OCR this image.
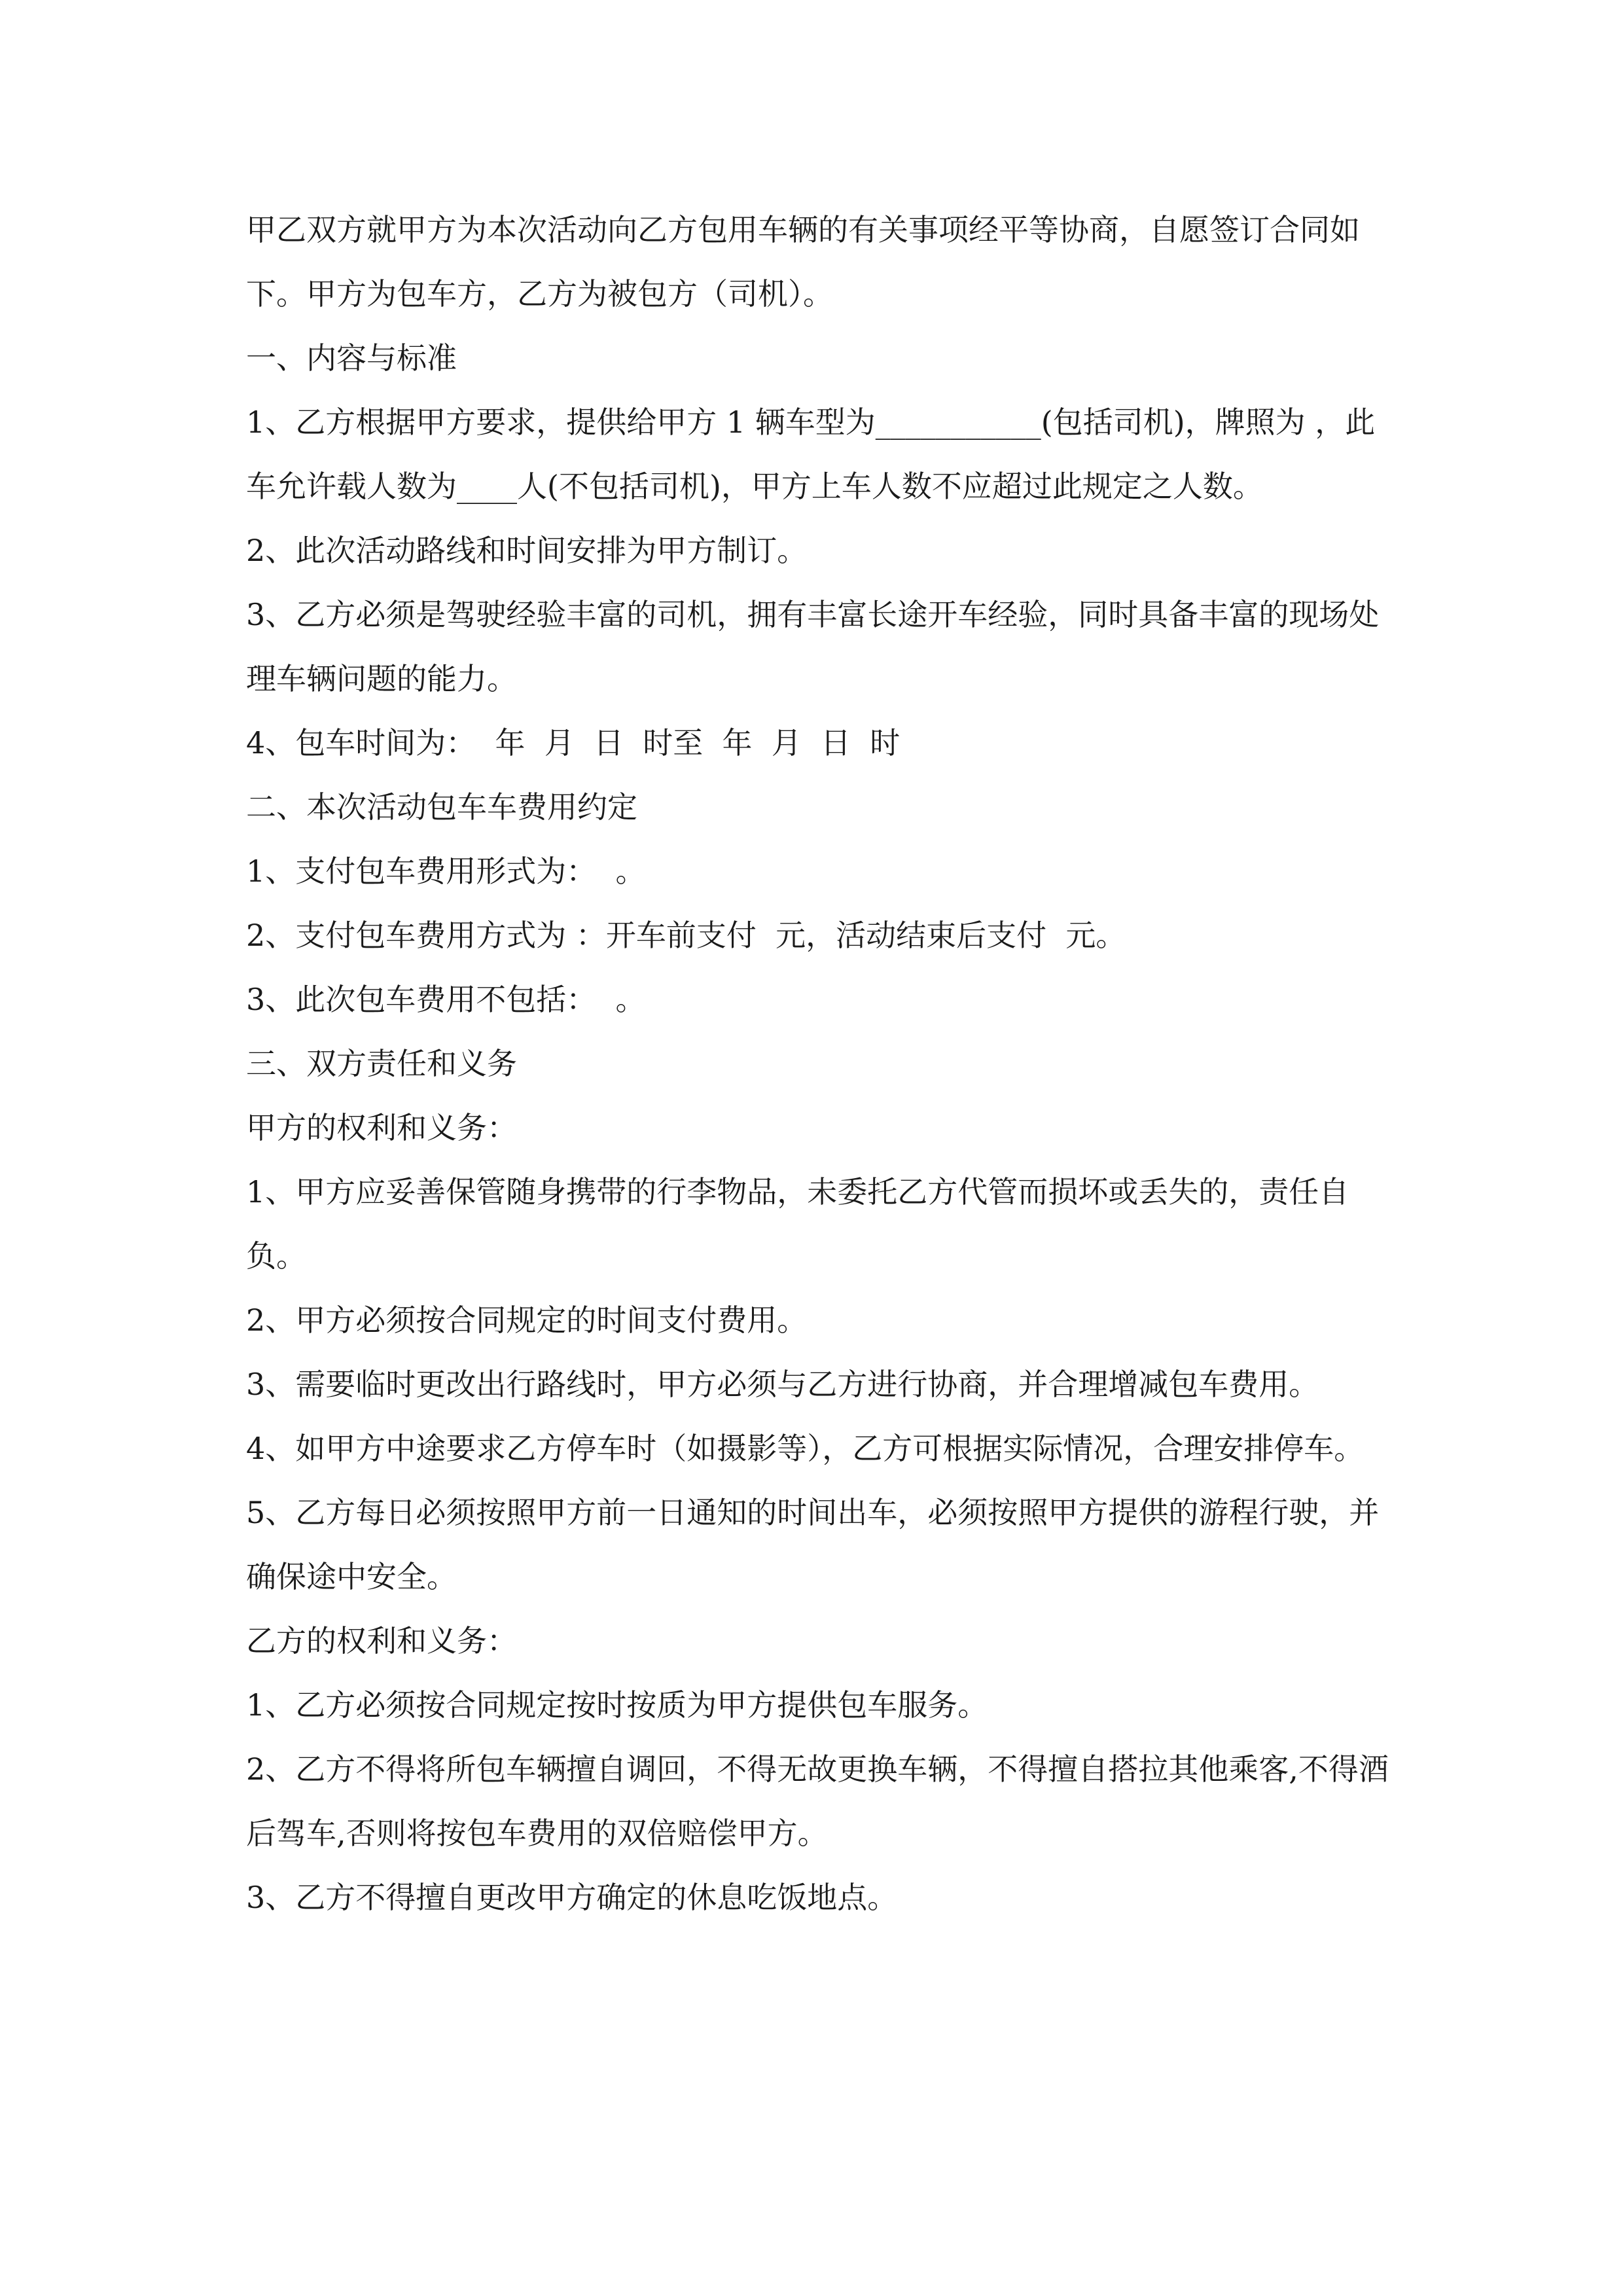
甲乙双方就甲方为本次活动向乙方包用车辆的有关事项经平等协商，自愿签订合同如下。甲方为包车方，乙方为被包方（司机）。

一、内容与标准

1、乙方根据甲方要求，提供给甲方 1 辆车型为___________(包括司机)，牌照为 ，此车允许载人数为____人(不包括司机)，甲方上车人数不应超过此规定之人数。

2、此次活动路线和时间安排为甲方制订。

3、乙方必须是驾驶经验丰富的司机，拥有丰富长途开车经验，同时具备丰富的现场处理车辆问题的能力。

4、包车时间为：  年  月  日  时至  年  月  日  时

二、本次活动包车车费用约定

1、支付包车费用形式为：  。

2、支付包车费用方式为 ：开车前支付  元，活动结束后支付  元。

3、此次包车费用不包括：  。

三、双方责任和义务

甲方的权利和义务：

1、甲方应妥善保管随身携带的行李物品，未委托乙方代管而损坏或丢失的，责任自负。

2、甲方必须按合同规定的时间支付费用。

3、需要临时更改出行路线时，甲方必须与乙方进行协商，并合理增减包车费用。

4、如甲方中途要求乙方停车时（如摄影等），乙方可根据实际情况，合理安排停车。

5、乙方每日必须按照甲方前一日通知的时间出车，必须按照甲方提供的游程行驶，并确保途中安全。

乙方的权利和义务：

1、乙方必须按合同规定按时按质为甲方提供包车服务。

2、乙方不得将所包车辆擅自调回，不得无故更换车辆，不得擅自搭拉其他乘客,不得酒后驾车,否则将按包车费用的双倍赔偿甲方。

3、乙方不得擅自更改甲方确定的休息吃饭地点。
